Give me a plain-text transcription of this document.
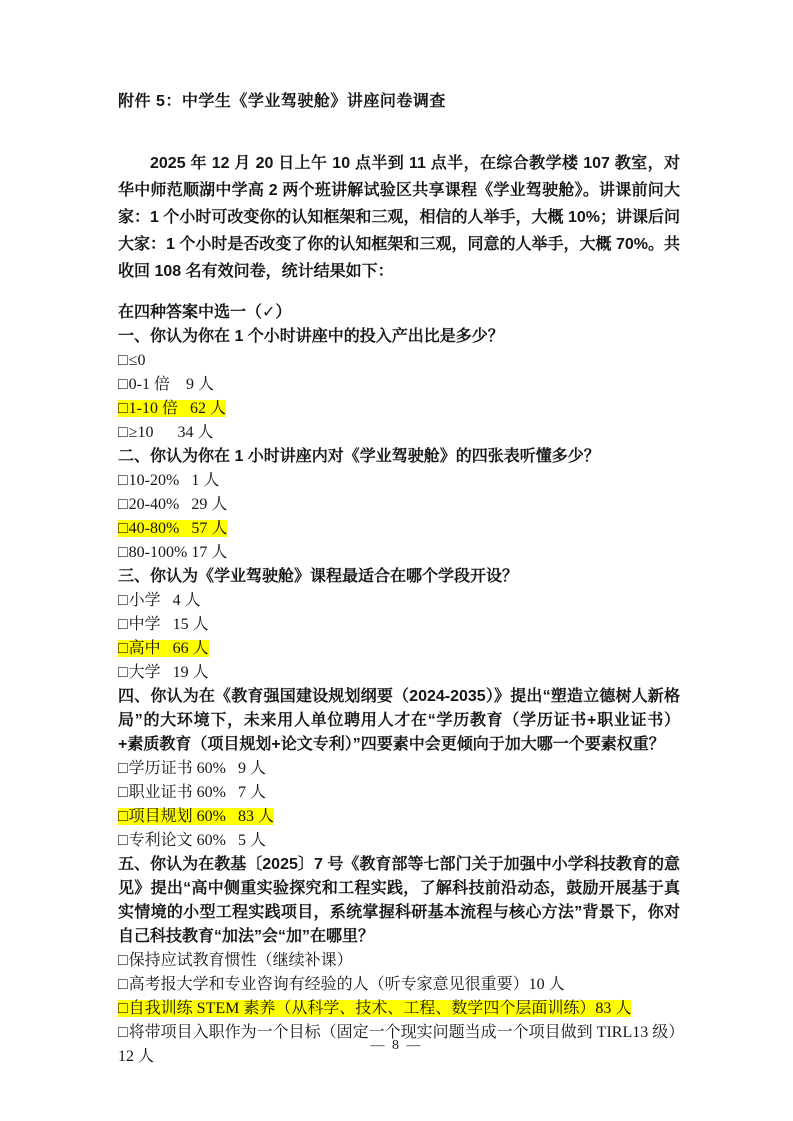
附件 5：中学生《学业驾驶舱》讲座问卷调查

2025 年 12 月 20 日上午 10 点半到 11 点半，在综合教学楼 107 教室，对华中师范顺湖中学高 2 两个班讲解试验区共享课程《学业驾驶舱》。讲课前问大家：1 个小时可改变你的认知框架和三观，相信的人举手，大概 10%；讲课后问大家：1 个小时是否改变了你的认知框架和三观，同意的人举手，大概 70%。共收回 108 名有效问卷，统计结果如下：

在四种答案中选一（✓）
一、你认为你在 1 个小时讲座中的投入产出比是多少？
□≤0
□0-1 倍    9 人
□1-10 倍   62 人
□≥10      34 人
二、你认为你在 1 小时讲座内对《学业驾驶舱》的四张表听懂多少？
□10-20%   1 人
□20-40%   29 人
□40-80%   57 人
□80-100% 17 人
三、你认为《学业驾驶舱》课程最适合在哪个学段开设？
□小学   4 人
□中学   15 人
□高中   66 人
□大学   19 人
四、你认为在《教育强国建设规划纲要（2024-2035）》提出“塑造立德树人新格局”的大环境下，未来用人单位聘用人才在“学历教育（学历证书+职业证书）+素质教育（项目规划+论文专利）”四要素中会更倾向于加大哪一个要素权重？
□学历证书 60%   9 人
□职业证书 60%   7 人
□项目规划 60%   83 人
□专利论文 60%   5 人
五、你认为在教基〔2025〕7 号《教育部等七部门关于加强中小学科技教育的意见》提出“高中侧重实验探究和工程实践，了解科技前沿动态，鼓励开展基于真实情境的小型工程实践项目，系统掌握科研基本流程与核心方法”背景下，你对自己科技教育“加法”会“加”在哪里？
□保持应试教育惯性（继续补课）
□高考报大学和专业咨询有经验的人（听专家意见很重要）10 人
□自我训练 STEM 素养（从科学、技术、工程、数学四个层面训练）83 人
□将带项目入职作为一个目标（固定一个现实问题当成一个项目做到 TIRL13 级）12 人
— 8 —
